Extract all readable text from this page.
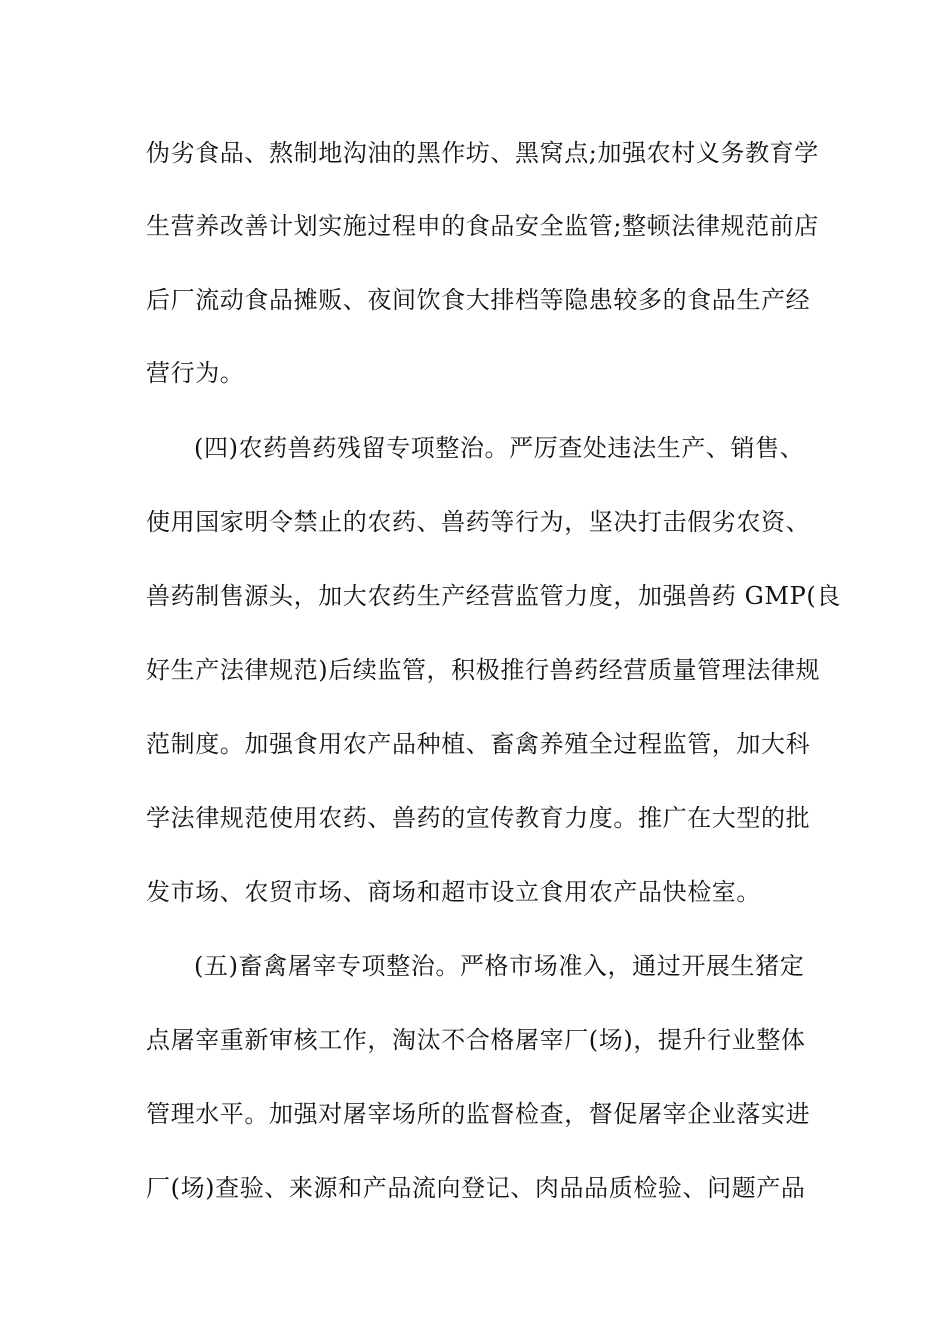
伪劣食品、熬制地沟油的黑作坊、黑窝点;加强农村义务教育学
生营养改善计划实施过程申的食品安全监管;整顿法律规范前店
后厂流动食品摊贩、夜间饮食大排档等隐患较多的食品生产经
营行为。
(四)农药兽药残留专项整治。严厉查处违法生产、销售、
使用国家明令禁止的农药、兽药等行为，坚决打击假劣农资、
兽药制售源头，加大农药生产经营监管力度，加强兽药 GMP(良
好生产法律规范)后续监管，积极推行兽药经营质量管理法律规
范制度。加强食用农产品种植、畜禽养殖全过程监管，加大科
学法律规范使用农药、兽药的宣传教育力度。推广在大型的批
发市场、农贸市场、商场和超市设立食用农产品快检室。
(五)畜禽屠宰专项整治。严格市场准入，通过开展生猪定
点屠宰重新审核工作，淘汰不合格屠宰厂(场)，提升行业整体
管理水平。加强对屠宰场所的监督检查，督促屠宰企业落实进
厂(场)查验、来源和产品流向登记、肉品品质检验、问题产品
